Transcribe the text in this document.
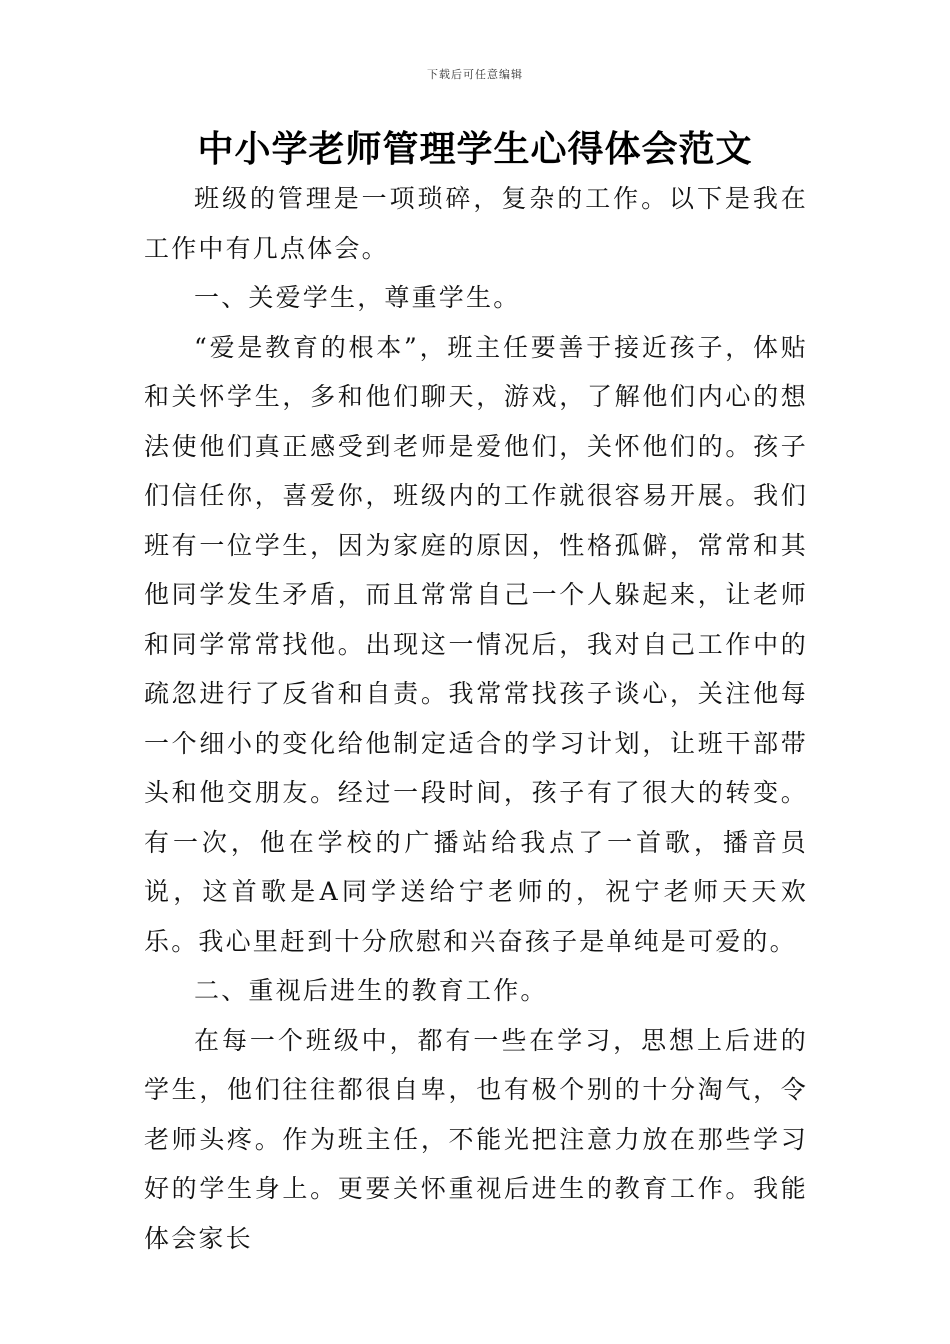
下载后可任意编辑
中小学老师管理学生心得体会范文

班级的管理是一项琐碎，复杂的工作。以下是我在工作中有几点体会。

一、关爱学生，尊重学生。

“爱是教育的根本”，班主任要善于接近孩子，体贴和关怀学生，多和他们聊天，游戏，了解他们内心的想法使他们真正感受到老师是爱他们，关怀他们的。孩子们信任你，喜爱你，班级内的工作就很容易开展。我们班有一位学生，因为家庭的原因，性格孤僻，常常和其他同学发生矛盾，而且常常自己一个人躲起来，让老师和同学常常找他。出现这一情况后，我对自己工作中的疏忽进行了反省和自责。我常常找孩子谈心，关注他每一个细小的变化给他制定适合的学习计划，让班干部带头和他交朋友。经过一段时间，孩子有了很大的转变。有一次，他在学校的广播站给我点了一首歌，播音员说，这首歌是A同学送给宁老师的，祝宁老师天天欢乐。我心里赶到十分欣慰和兴奋孩子是单纯是可爱的。

二、重视后进生的教育工作。

在每一个班级中，都有一些在学习，思想上后进的学生，他们往往都很自卑，也有极个别的十分淘气，令老师头疼。作为班主任，不能光把注意力放在那些学习好的学生身上。更要关怀重视后进生的教育工作。我能体会家长
